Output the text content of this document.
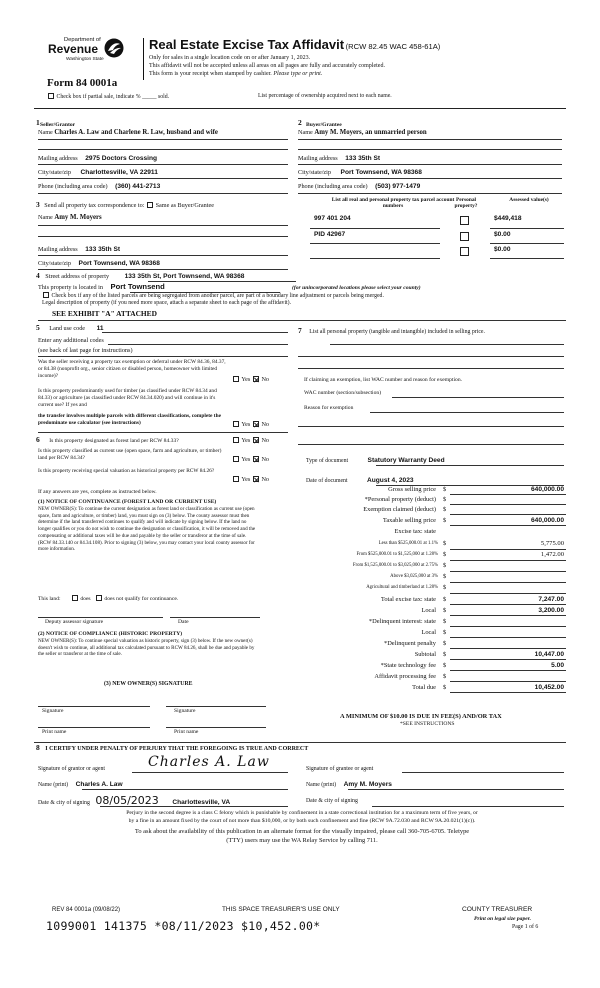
Department of
Revenue
Washington State
Real Estate Excise Tax Affidavit (RCW 82.45 WAC 458-61A)
Only for sales in a single location code on or after January 1, 2023.
This affidavit will not be accepted unless all areas on all pages are fully and accurately completed.
This form is your receipt when stamped by cashier. Please type or print.
Form 84 0001a
Check box if partial sale, indicate % _____ sold.	List percentage of ownership acquired next to each name.
1 Seller/Grantor
Name Charles A. Law and Charlene R. Law, husband and wife
Mailing address 2975 Doctors Crossing
City/state/zip Charlottesville, VA 22911
Phone (including area code) (360) 441-2713
2 Buyer/Grantee
Name Amy M. Moyers, an unmarried person
Mailing address 133 35th St
City/state/zip Port Townsend, WA 98368
Phone (including area code) (503) 977-1479
3 Send all property tax correspondence to: Same as Buyer/Grantee
Name Amy M. Moyers
Mailing address 133 35th St
City/state/zip Port Townsend, WA 98368
List all real and personal property tax parcel account numbers
Personal property?
Assessed value(s)
997 401 204	$449,418
PID 42967	$0.00
$0.00
4 Street address of property 133 35th St, Port Townsend, WA 98368
This property is located in Port Townsend	(for unincorporated locations please select your county)
Check box if any of the listed parcels are being segregated from another parcel, are part of a boundary line adjustment or parcels being merged.
Legal description of property (if you need more space, attach a separate sheet to each page of the affidavit).
SEE EXHIBIT "A" ATTACHED
5 Land use code 11
Enter any additional codes
(see back of last page for instructions)
Was the seller receiving a property tax exemption or deferral under RCW 84.36, 84.37, or 84.38 (nonprofit org., senior citizen or disabled person, homeowner with limited income)?	Yes No
Is this property predominantly used for timber (as classified under RCW 84.34 and 84.33) or agriculture (as classified under RCW 84.34.020) and will continue in it's current use? If yes and
the transfer involves multiple parcels with different classifications, complete the predominate use calculator (see instructions)	Yes No
6 Is this property designated as forest land per RCW 84.33?	Yes No
Is this property classified as current use (open space, farm and agriculture, or timber) land per RCW 84.34?	Yes No
Is this property receiving special valuation as historical property per RCW 84.26?
Yes No
If any answers are yes, complete as instructed below.
(1) NOTICE OF CONTINUANCE (FOREST LAND OR CURRENT USE)
NEW OWNER(S): To continue the current designation as forest land or classification as current use (open space, farm and agriculture, or timber) land, you must sign on (3) below. The county assessor must then determine if the land transferred continues to qualify and will indicate by signing below. If the land no longer qualifies or you do not wish to continue the designation or classification, it will be removed and the compensating or additional taxes will be due and payable by the seller or transferor at the time of sale. (RCW 84.33.140 or 84.34.108). Prior to signing (3) below, you may contact your local county assessor for more information.
This land:	does does not qualify for continuance.
Deputy assessor signature	Date
(2) NOTICE OF COMPLIANCE (HISTORIC PROPERTY)
NEW OWNER(S): To continue special valuation as historic property, sign (3) below. If the new owner(s) doesn't wish to continue, all additional tax calculated pursuant to RCW 84.26, shall be due and payable by the seller or transferor at the time of sale.
(3) NEW OWNER(S) SIGNATURE
Signature	Signature
Print name	Print name
7 List all personal property (tangible and intangible) included in selling price.
If claiming an exemption, list WAC number and reason for exemption.
WAC number (section/subsection)
Reason for exemption
Type of document	Statutory Warranty Deed
Date of document	August 4, 2023
Gross selling price $	640,000.00
*Personal property (deduct) $
Exemption claimed (deduct) $
Taxable selling price $	640,000.00
Excise tax: state
Less than $525,000.01 at 1.1% $	5,775.00
From $525,000.01 to $1,525,000 at 1.28% $	1,472.00
From $1,525,000.01 to $3,025,000 at 2.75% $
Above $3,025,000 at 3% $
Agricultural and timberland at 1.28% $
Total excise tax: state $	7,247.00
Local $	3,200.00
*Delinquent interest: state $
Local $
*Delinquent penalty $
Subtotal $	10,447.00
*State technology fee $	5.00
Affidavit processing fee $
Total due $	10,452.00
A MINIMUM OF $10.00 IS DUE IN FEE(S) AND/OR TAX
*SEE INSTRUCTIONS
8 I CERTIFY UNDER PENALTY OF PERJURY THAT THE FOREGOING IS TRUE AND CORRECT
Signature of grantor or agent	Charles A. Law	Signature of grantee or agent
Name (print) Charles A. Law	Name (print) Amy M. Moyers
Date & city of signing 08/05/2023 Charlottesville, VA	Date & city of signing
Perjury in the second degree is a class C felony which is punishable by confinement in a state correctional institution for a maximum term of five years, or
by a fine in an amount fixed by the court of not more than $10,000, or by both such confinement and fine (RCW 9A.72.030 and RCW 9A.20.021(1)(c)).
To ask about the availability of this publication in an alternate format for the visually impaired, please call 360-705-6705. Teletype
(TTY) users may use the WA Relay Service by calling 711.
REV 84 0001a (09/08/22)	THIS SPACE TREASURER'S USE ONLY	COUNTY TREASURER
Print on legal size paper.
Page 1 of 6
1099001 141375 *08/11/2023 $10,452.00*
